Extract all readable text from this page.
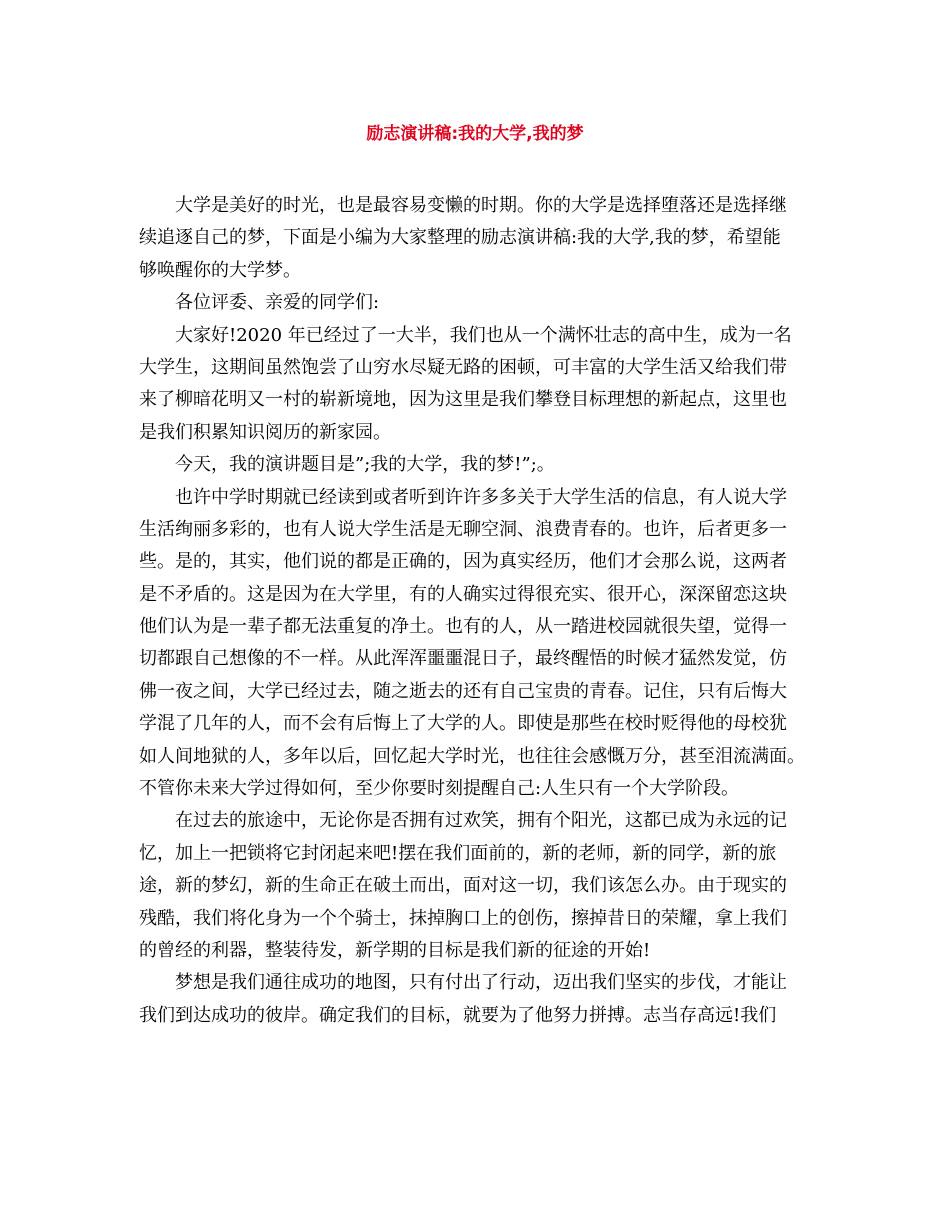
励志演讲稿:我的大学,我的梦
大学是美好的时光，也是最容易变懒的时期。你的大学是选择堕落还是选择继
续追逐自己的梦，下面是小编为大家整理的励志演讲稿:我的大学,我的梦，希望能
够唤醒你的大学梦。
各位评委、亲爱的同学们:
大家好!2020 年已经过了一大半，我们也从一个满怀壮志的高中生，成为一名
大学生，这期间虽然饱尝了山穷水尽疑无路的困顿，可丰富的大学生活又给我们带
来了柳暗花明又一村的崭新境地，因为这里是我们攀登目标理想的新起点，这里也
是我们积累知识阅历的新家园。
今天，我的演讲题目是”;我的大学，我的梦!”;。
也许中学时期就已经读到或者听到许许多多关于大学生活的信息，有人说大学
生活绚丽多彩的，也有人说大学生活是无聊空洞、浪费青春的。也许，后者更多一
些。是的，其实，他们说的都是正确的，因为真实经历，他们才会那么说，这两者
是不矛盾的。这是因为在大学里，有的人确实过得很充实、很开心，深深留恋这块
他们认为是一辈子都无法重复的净土。也有的人，从一踏进校园就很失望，觉得一
切都跟自己想像的不一样。从此浑浑噩噩混日子，最终醒悟的时候才猛然发觉，仿
佛一夜之间，大学已经过去，随之逝去的还有自己宝贵的青春。记住，只有后悔大
学混了几年的人，而不会有后悔上了大学的人。即使是那些在校时贬得他的母校犹
如人间地狱的人，多年以后，回忆起大学时光，也往往会感慨万分，甚至泪流满面。
不管你未来大学过得如何，至少你要时刻提醒自己:人生只有一个大学阶段。
在过去的旅途中，无论你是否拥有过欢笑，拥有个阳光，这都已成为永远的记
忆，加上一把锁将它封闭起来吧!摆在我们面前的，新的老师，新的同学，新的旅
途，新的梦幻，新的生命正在破土而出，面对这一切，我们该怎么办。由于现实的
残酷，我们将化身为一个个骑士，抹掉胸口上的创伤，擦掉昔日的荣耀，拿上我们
的曾经的利器，整装待发，新学期的目标是我们新的征途的开始!
梦想是我们通往成功的地图，只有付出了行动，迈出我们坚实的步伐，才能让
我们到达成功的彼岸。确定我们的目标，就要为了他努力拼搏。志当存高远!我们
